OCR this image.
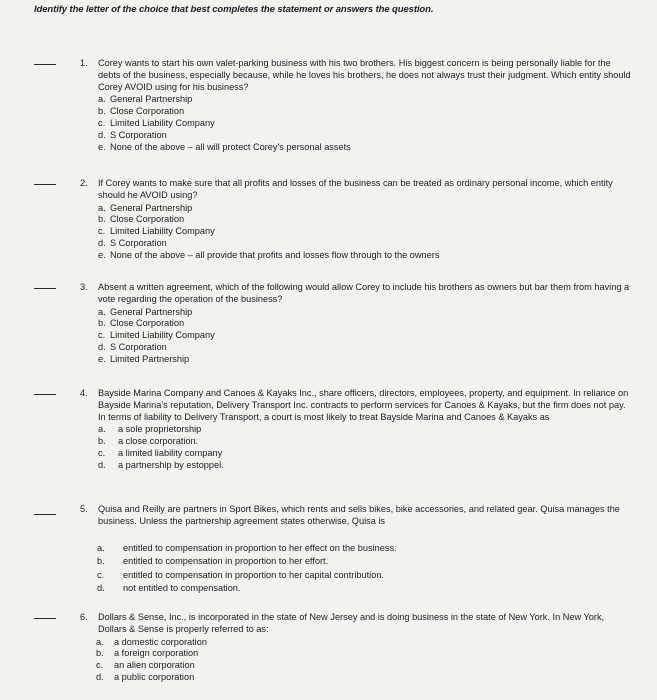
Identify the letter of the choice that best completes the statement or answers the question.
1. Corey wants to start his own valet-parking business with his two brothers. His biggest concern is being personally liable for the debts of the business, especially because, while he loves his brothers, he does not always trust their judgment. Which entity should Corey AVOID using for his business?
a. General Partnership
b. Close Corporation
c. Limited Liability Company
d. S Corporation
e. None of the above – all will protect Corey's personal assets
2. If Corey wants to make sure that all profits and losses of the business can be treated as ordinary personal income, which entity should he AVOID using?
a. General Partnership
b. Close Corporation
c. Limited Liability Company
d. S Corporation
e. None of the above – all provide that profits and losses flow through to the owners
3. Absent a written agreement, which of the following would allow Corey to include his brothers as owners but bar them from having a vote regarding the operation of the business?
a. General Partnership
b. Close Corporation
c. Limited Liability Company
d. S Corporation
e. Limited Partnership
4. Bayside Marina Company and Canoes & Kayaks Inc., share officers, directors, employees, property, and equipment. In reliance on Bayside Marina's reputation, Delivery Transport Inc. contracts to perform services for Canoes & Kayaks, but the firm does not pay. In terms of liability to Delivery Transport, a court is most likely to treat Bayside Marina and Canoes & Kayaks as
a. a sole proprietorship
b. a close corporation.
c. a limited liability company
d. a partnership by estoppel.
5. Quisa and Reilly are partners in Sport Bikes, which rents and sells bikes, bike accessories, and related gear. Quisa manages the business. Unless the partnership agreement states otherwise, Quisa is
a. entitled to compensation in proportion to her effect on the business.
b. entitled to compensation in proportion to her effort.
c. entitled to compensation in proportion to her capital contribution.
d. not entitled to compensation.
6. Dollars & Sense, Inc., is incorporated in the state of New Jersey and is doing business in the state of New York. In New York, Dollars & Sense is properly referred to as:
a. a domestic corporation
b. a foreign corporation
c. an alien corporation
d. a public corporation
